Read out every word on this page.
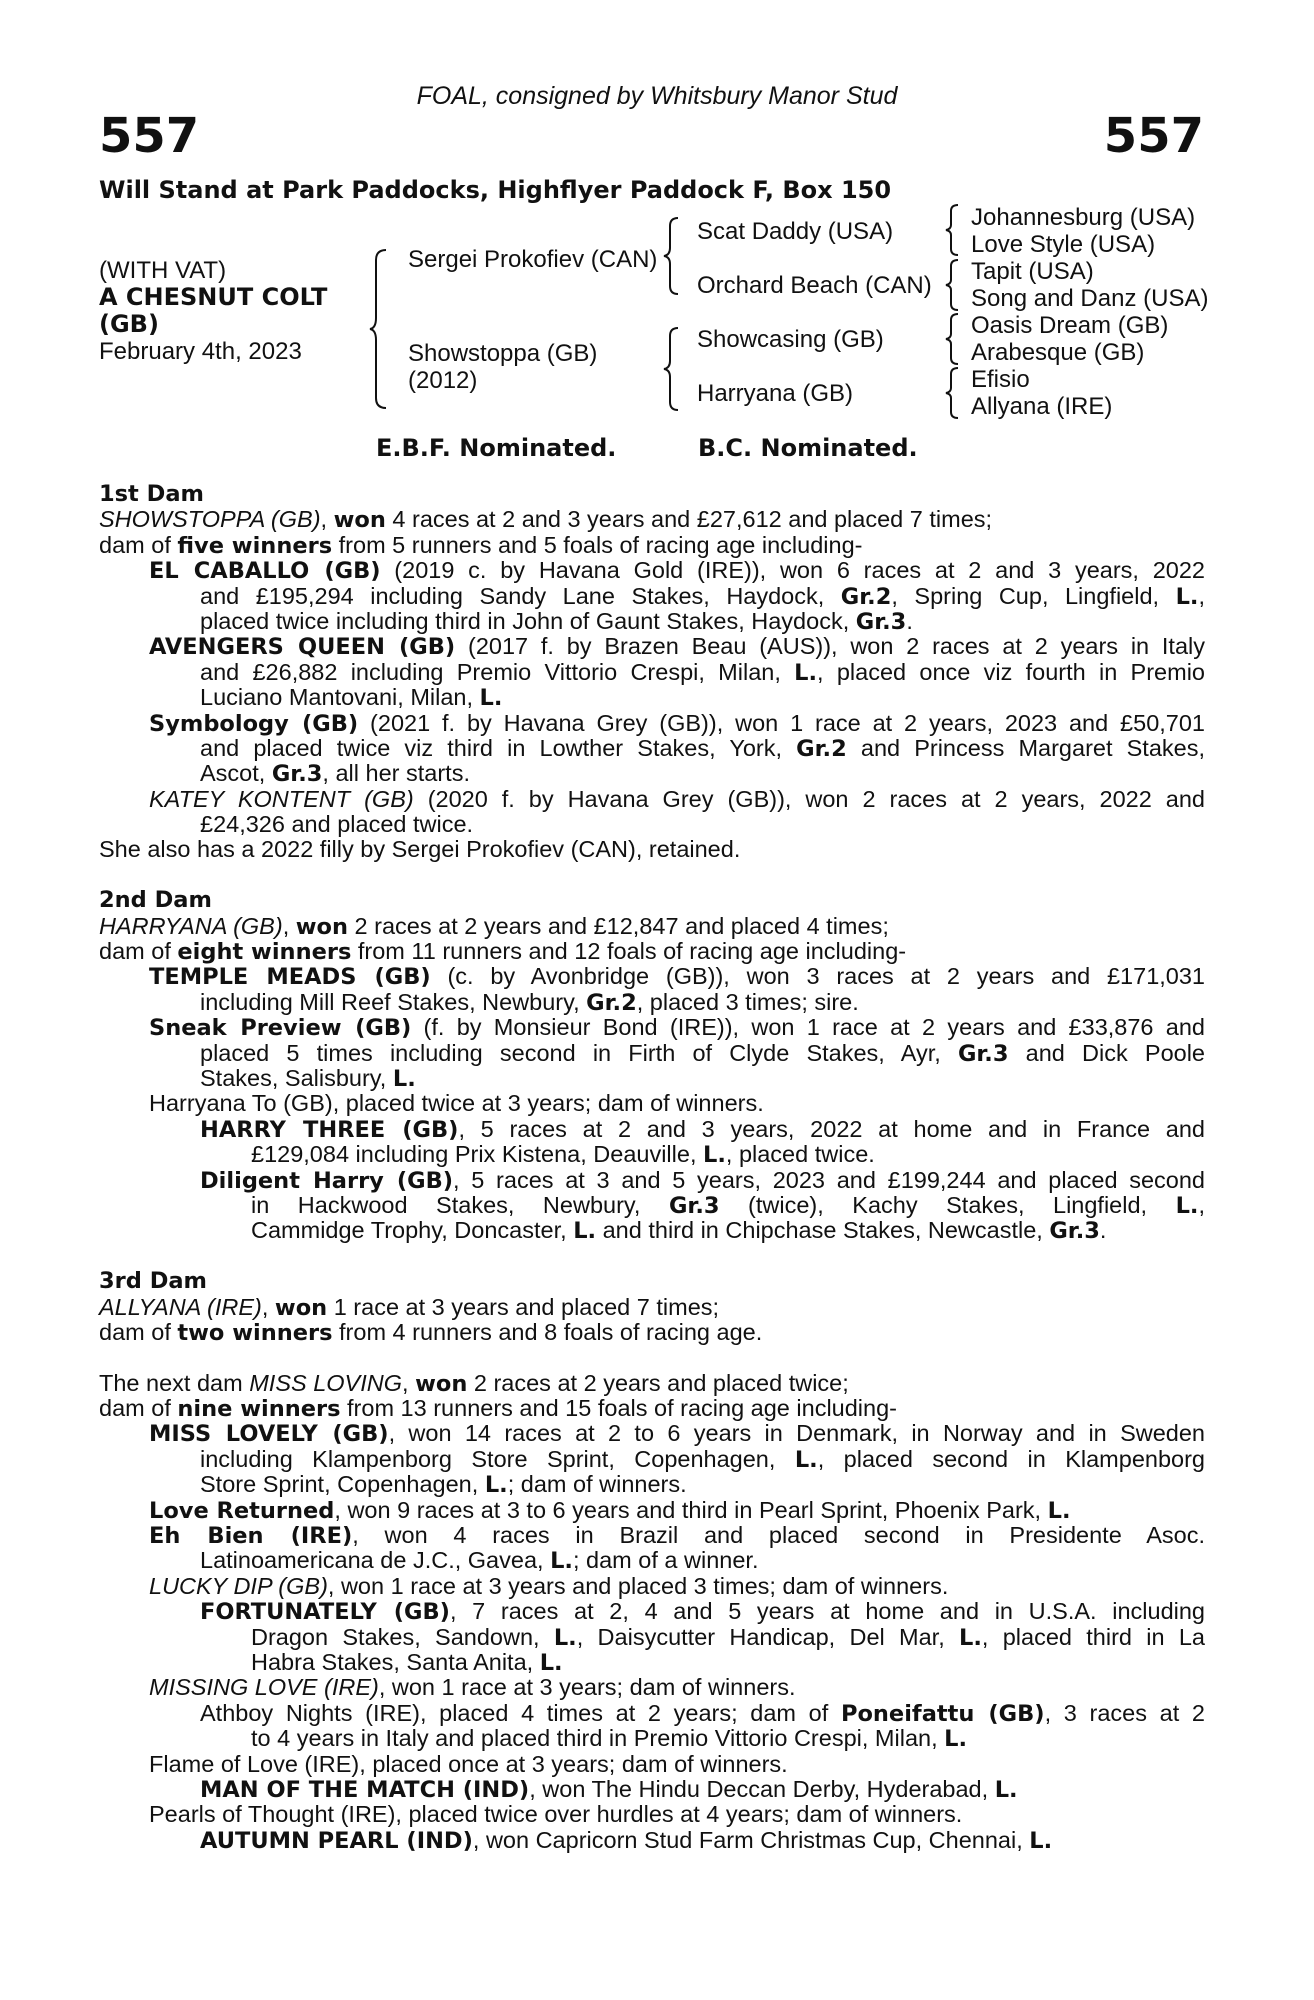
FOAL, consigned by Whitsbury Manor Stud
557	557
Will Stand at Park Paddocks, Highflyer Paddock F, Box 150
(WITH VAT)
A CHESNUT COLT
(GB)
February 4th, 2023
Sergei Prokofiev (CAN)
Showstoppa (GB)
(2012)
Scat Daddy (USA)
Orchard Beach (CAN)
Showcasing (GB)
Harryana (GB)
Johannesburg (USA)
Love Style (USA)
Tapit (USA)
Song and Danz (USA)
Oasis Dream (GB)
Arabesque (GB)
Efisio
Allyana (IRE)
E.B.F. Nominated.	B.C. Nominated.
1st Dam
SHOWSTOPPA (GB), won 4 races at 2 and 3 years and £27,612 and placed 7 times;
dam of five winners from 5 runners and 5 foals of racing age including-
EL CABALLO (GB) (2019 c. by Havana Gold (IRE)), won 6 races at 2 and 3 years, 2022
and £195,294 including Sandy Lane Stakes, Haydock, Gr.2, Spring Cup, Lingfield, L.,
placed twice including third in John of Gaunt Stakes, Haydock, Gr.3.
AVENGERS QUEEN (GB) (2017 f. by Brazen Beau (AUS)), won 2 races at 2 years in Italy
and £26,882 including Premio Vittorio Crespi, Milan, L., placed once viz fourth in Premio
Luciano Mantovani, Milan, L.
Symbology (GB) (2021 f. by Havana Grey (GB)), won 1 race at 2 years, 2023 and £50,701
and placed twice viz third in Lowther Stakes, York, Gr.2 and Princess Margaret Stakes,
Ascot, Gr.3, all her starts.
KATEY KONTENT (GB) (2020 f. by Havana Grey (GB)), won 2 races at 2 years, 2022 and
£24,326 and placed twice.
She also has a 2022 filly by Sergei Prokofiev (CAN), retained.
2nd Dam
HARRYANA (GB), won 2 races at 2 years and £12,847 and placed 4 times;
dam of eight winners from 11 runners and 12 foals of racing age including-
TEMPLE MEADS (GB) (c. by Avonbridge (GB)), won 3 races at 2 years and £171,031
including Mill Reef Stakes, Newbury, Gr.2, placed 3 times; sire.
Sneak Preview (GB) (f. by Monsieur Bond (IRE)), won 1 race at 2 years and £33,876 and
placed 5 times including second in Firth of Clyde Stakes, Ayr, Gr.3 and Dick Poole
Stakes, Salisbury, L.
Harryana To (GB), placed twice at 3 years; dam of winners.
HARRY THREE (GB), 5 races at 2 and 3 years, 2022 at home and in France and
£129,084 including Prix Kistena, Deauville, L., placed twice.
Diligent Harry (GB), 5 races at 3 and 5 years, 2023 and £199,244 and placed second
in Hackwood Stakes, Newbury, Gr.3 (twice), Kachy Stakes, Lingfield, L.,
Cammidge Trophy, Doncaster, L. and third in Chipchase Stakes, Newcastle, Gr.3.
3rd Dam
ALLYANA (IRE), won 1 race at 3 years and placed 7 times;
dam of two winners from 4 runners and 8 foals of racing age.
The next dam MISS LOVING, won 2 races at 2 years and placed twice;
dam of nine winners from 13 runners and 15 foals of racing age including-
MISS LOVELY (GB), won 14 races at 2 to 6 years in Denmark, in Norway and in Sweden
including Klampenborg Store Sprint, Copenhagen, L., placed second in Klampenborg
Store Sprint, Copenhagen, L.; dam of winners.
Love Returned, won 9 races at 3 to 6 years and third in Pearl Sprint, Phoenix Park, L.
Eh Bien (IRE), won 4 races in Brazil and placed second in Presidente Asoc.
Latinoamericana de J.C., Gavea, L.; dam of a winner.
LUCKY DIP (GB), won 1 race at 3 years and placed 3 times; dam of winners.
FORTUNATELY (GB), 7 races at 2, 4 and 5 years at home and in U.S.A. including
Dragon Stakes, Sandown, L., Daisycutter Handicap, Del Mar, L., placed third in La
Habra Stakes, Santa Anita, L.
MISSING LOVE (IRE), won 1 race at 3 years; dam of winners.
Athboy Nights (IRE), placed 4 times at 2 years; dam of Poneifattu (GB), 3 races at 2
to 4 years in Italy and placed third in Premio Vittorio Crespi, Milan, L.
Flame of Love (IRE), placed once at 3 years; dam of winners.
MAN OF THE MATCH (IND), won The Hindu Deccan Derby, Hyderabad, L.
Pearls of Thought (IRE), placed twice over hurdles at 4 years; dam of winners.
AUTUMN PEARL (IND), won Capricorn Stud Farm Christmas Cup, Chennai, L.
